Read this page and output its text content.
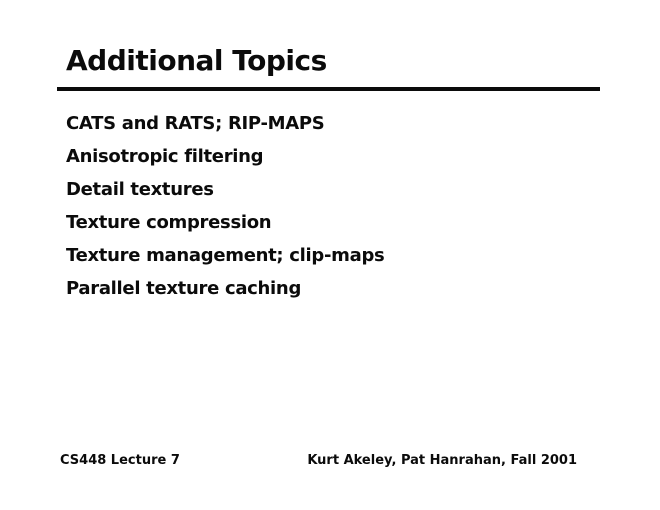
Additional Topics
CATS and RATS; RIP-MAPS
Anisotropic filtering
Detail textures
Texture compression
Texture management; clip-maps
Parallel texture caching
CS448 Lecture 7	Kurt Akeley, Pat Hanrahan, Fall 2001
